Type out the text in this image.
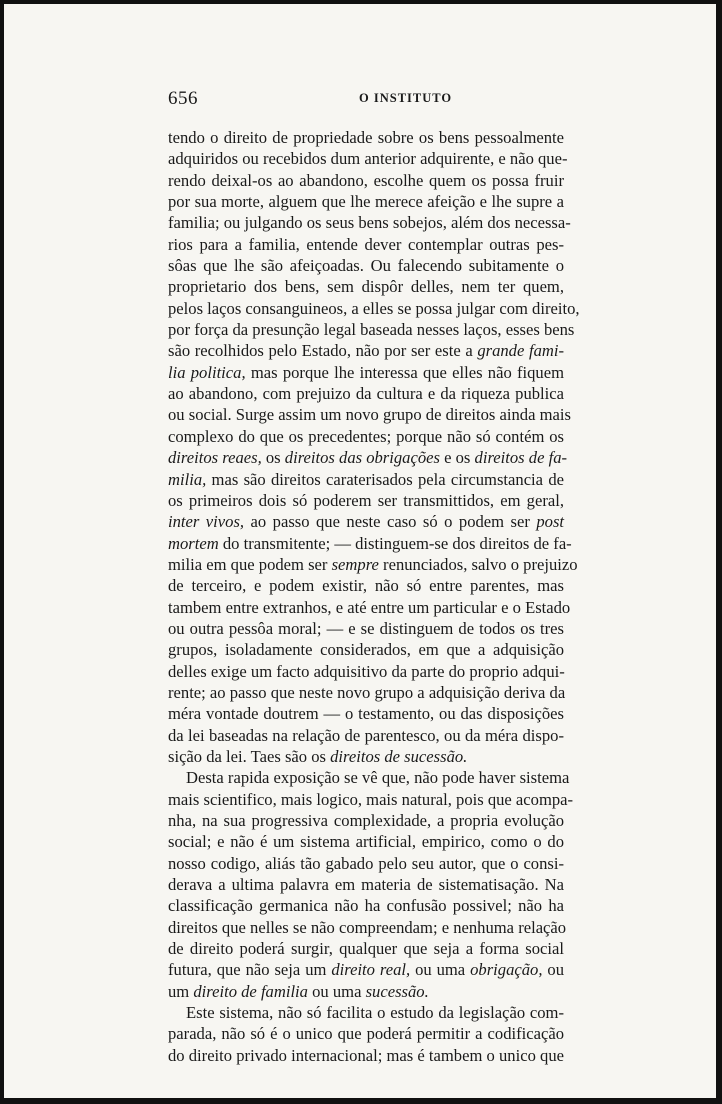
656	O INSTITUTO
tendo o direito de propriedade sobre os bens pessoalmente
adquiridos ou recebidos dum anterior adquirente, e não que-
rendo deixal-os ao abandono, escolhe quem os possa fruir
por sua morte, alguem que lhe merece afeição e lhe supre a
familia; ou julgando os seus bens sobejos, além dos necessa-
rios para a familia, entende dever contemplar outras pes-
sôas que lhe são afeiçoadas. Ou falecendo subitamente o
proprietario dos bens, sem dispôr delles, nem ter quem,
pelos laços consanguineos, a elles se possa julgar com direito,
por força da presunção legal baseada nesses laços, esses bens
são recolhidos pelo Estado, não por ser este a grande fami-
lia politica, mas porque lhe interessa que elles não fiquem
ao abandono, com prejuizo da cultura e da riqueza publica
ou social. Surge assim um novo grupo de direitos ainda mais
complexo do que os precedentes; porque não só contém os
direitos reaes, os direitos das obrigações e os direitos de fa-
milia, mas são direitos caraterisados pela circumstancia de
os primeiros dois só poderem ser transmittidos, em geral,
inter vivos, ao passo que neste caso só o podem ser post
mortem do transmitente; — distinguem-se dos direitos de fa-
milia em que podem ser sempre renunciados, salvo o prejuizo
de terceiro, e podem existir, não só entre parentes, mas
tambem entre extranhos, e até entre um particular e o Estado
ou outra pessôa moral; — e se distinguem de todos os tres
grupos, isoladamente considerados, em que a adquisição
delles exige um facto adquisitivo da parte do proprio adqui-
rente; ao passo que neste novo grupo a adquisição deriva da
méra vontade doutrem — o testamento, ou das disposições
da lei baseadas na relação de parentesco, ou da méra dispo-
sição da lei. Taes são os direitos de sucessão.
Desta rapida exposição se vê que, não pode haver sistema
mais scientifico, mais logico, mais natural, pois que acompa-
nha, na sua progressiva complexidade, a propria evolução
social; e não é um sistema artificial, empirico, como o do
nosso codigo, aliás tão gabado pelo seu autor, que o consi-
derava a ultima palavra em materia de sistematisação. Na
classificação germanica não ha confusão possivel; não ha
direitos que nelles se não compreendam; e nenhuma relação
de direito poderá surgir, qualquer que seja a forma social
futura, que não seja um direito real, ou uma obrigação, ou
um direito de familia ou uma sucessão.
Este sistema, não só facilita o estudo da legislação com-
parada, não só é o unico que poderá permitir a codificação
do direito privado internacional; mas é tambem o unico que
